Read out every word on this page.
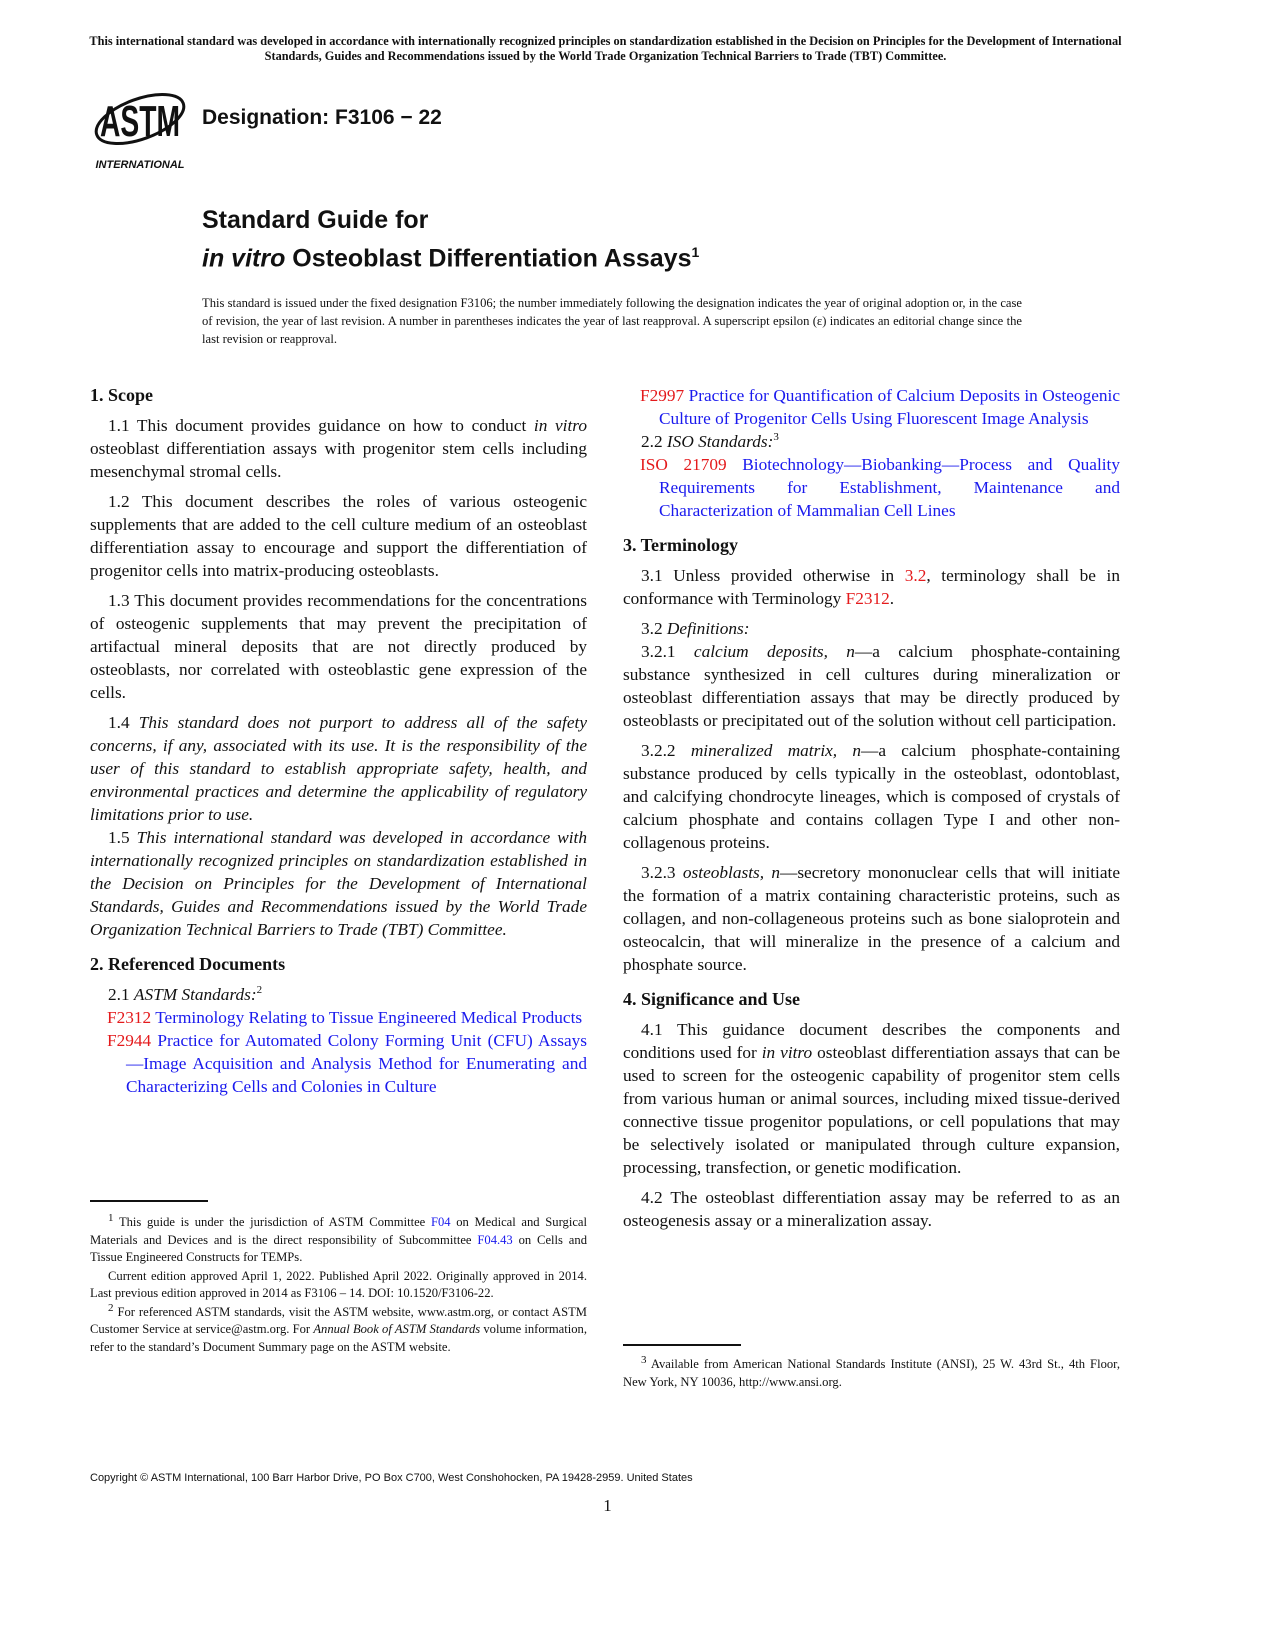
This international standard was developed in accordance with internationally recognized principles on standardization established in the Decision on Principles for the Development of International Standards, Guides and Recommendations issued by the World Trade Organization Technical Barriers to Trade (TBT) Committee.
ASTM
INTERNATIONAL
Designation: F3106 − 22
Standard Guide for
in vitro Osteoblast Differentiation Assays$^1$
This standard is issued under the fixed designation F3106; the number immediately following the designation indicates the year of original adoption or, in the case of revision, the year of last revision. A number in parentheses indicates the year of last reapproval. A superscript epsilon (ε) indicates an editorial change since the last revision or reapproval.
1. Scope

1.1 This document provides guidance on how to conduct in vitro osteoblast differentiation assays with progenitor stem cells including mesenchymal stromal cells.

1.2 This document describes the roles of various osteogenic supplements that are added to the cell culture medium of an osteoblast differentiation assay to encourage and support the differentiation of progenitor cells into matrix-producing osteoblasts.

1.3 This document provides recommendations for the concentrations of osteogenic supplements that may prevent the precipitation of artifactual mineral deposits that are not directly produced by osteoblasts, nor correlated with osteoblastic gene expression of the cells.

1.4 This standard does not purport to address all of the safety concerns, if any, associated with its use. It is the responsibility of the user of this standard to establish appropriate safety, health, and environmental practices and determine the applicability of regulatory limitations prior to use.

1.5 This international standard was developed in accordance with internationally recognized principles on standardization established in the Decision on Principles for the Development of International Standards, Guides and Recommendations issued by the World Trade Organization Technical Barriers to Trade (TBT) Committee.

2. Referenced Documents

2.1 ASTM Standards:$^2$

F2312 Terminology Relating to Tissue Engineered Medical Products

F2944 Practice for Automated Colony Forming Unit (CFU) Assays—Image Acquisition and Analysis Method for Enumerating and Characterizing Cells and Colonies in Culture

F2997 Practice for Quantification of Calcium Deposits in Osteogenic Culture of Progenitor Cells Using Fluorescent Image Analysis

2.2 ISO Standards:$^3$

ISO 21709 Biotechnology—Biobanking—Process and Quality Requirements for Establishment, Maintenance and Characterization of Mammalian Cell Lines

3. Terminology

3.1 Unless provided otherwise in 3.2, terminology shall be in conformance with Terminology F2312.

3.2 Definitions:

3.2.1 calcium deposits, n—a calcium phosphate-containing substance synthesized in cell cultures during mineralization or osteoblast differentiation assays that may be directly produced by osteoblasts or precipitated out of the solution without cell participation.

3.2.2 mineralized matrix, n—a calcium phosphate-containing substance produced by cells typically in the osteoblast, odontoblast, and calcifying chondrocyte lineages, which is composed of crystals of calcium phosphate and contains collagen Type I and other non-collagenous proteins.

3.2.3 osteoblasts, n—secretory mononuclear cells that will initiate the formation of a matrix containing characteristic proteins, such as collagen, and non-collageneous proteins such as bone sialoprotein and osteocalcin, that will mineralize in the presence of a calcium and phosphate source.

4. Significance and Use

4.1 This guidance document describes the components and conditions used for in vitro osteoblast differentiation assays that can be used to screen for the osteogenic capability of progenitor stem cells from various human or animal sources, including mixed tissue-derived connective tissue progenitor populations, or cell populations that may be selectively isolated or manipulated through culture expansion, processing, transfection, or genetic modification.

4.2 The osteoblast differentiation assay may be referred to as an osteogenesis assay or a mineralization assay.

1 This guide is under the jurisdiction of ASTM Committee F04 on Medical and Surgical Materials and Devices and is the direct responsibility of Subcommittee F04.43 on Cells and Tissue Engineered Constructs for TEMPs.

Current edition approved April 1, 2022. Published April 2022. Originally approved in 2014. Last previous edition approved in 2014 as F3106 – 14. DOI: 10.1520/F3106-22.

2 For referenced ASTM standards, visit the ASTM website, www.astm.org, or contact ASTM Customer Service at service@astm.org. For Annual Book of ASTM Standards volume information, refer to the standard’s Document Summary page on the ASTM website.

3 Available from American National Standards Institute (ANSI), 25 W. 43rd St., 4th Floor, New York, NY 10036, http://www.ansi.org.

Copyright © ASTM International, 100 Barr Harbor Drive, PO Box C700, West Conshohocken, PA 19428-2959. United States
1
